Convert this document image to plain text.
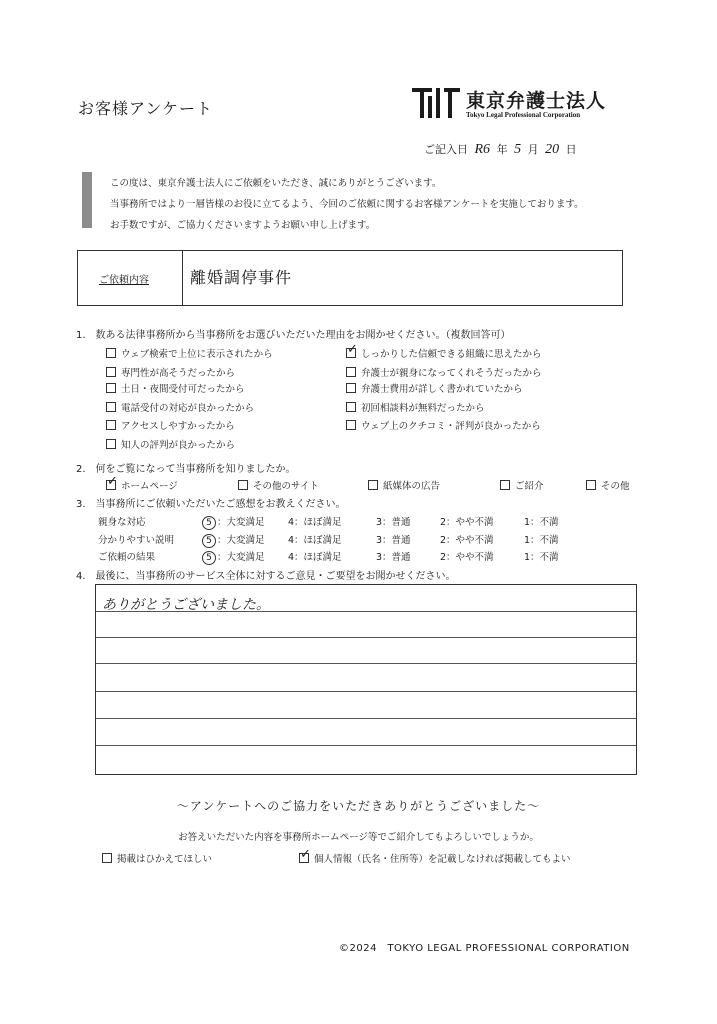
お客様アンケート	東京弁護士法人
Tokyo Legal Professional Corporation
ご記入日 R6 年 5 月 20 日
この度は、東京弁護士法人にご依頼をいただき、誠にありがとうございます。
当事務所ではより一層皆様のお役に立てるよう、今回のご依頼に関するお客様アンケートを実施しております。
お手数ですが、ご協力くださいますようお願い申し上げます。
ご依頼内容	離婚調停事件
1.　数ある法律事務所から当事務所をお選びいただいた理由をお聞かせください。（複数回答可）
ウェブ検索で上位に表示されたから ✓	しっかりした信頼できる組織に思えたから
専門性が高そうだったから	弁護士が親身になってくれそうだったから
土日・夜間受付可だったから	弁護士費用が詳しく書かれていたから
電話受付の対応が良かったから	初回相談料が無料だったから
アクセスしやすかったから	ウェブ上のクチコミ・評判が良かったから
知人の評判が良かったから
2.　何をご覧になって当事務所を知りましたか。
✓
ホームページ	その他のサイト	紙媒体の広告	ご紹介	その他
3.　当事務所にご依頼いただいたご感想をお教えください。
親身な対応	5 ：大変満足 4：ほぼ満足	3：普通	2：やや不満	1：不満
分かりやすい説明	5 ：大変満足 4：ほぼ満足	3：普通	2：やや不満	1：不満
ご依頼の結果	5 ：大変満足 4：ほぼ満足	3：普通	2：やや不満	1：不満
4.　最後に、当事務所のサービス全体に対するご意見・ご要望をお聞かせください。
ありがとうございました。
〜アンケートへのご協力をいただきありがとうございました〜
お答えいただいた内容を事務所ホームページ等でご紹介してもよろしいでしょうか。
掲載はひかえてほしい ✓	個人情報（氏名・住所等）を記載しなければ掲載してもよい
©2024　TOKYO LEGAL PROFESSIONAL CORPORATION
